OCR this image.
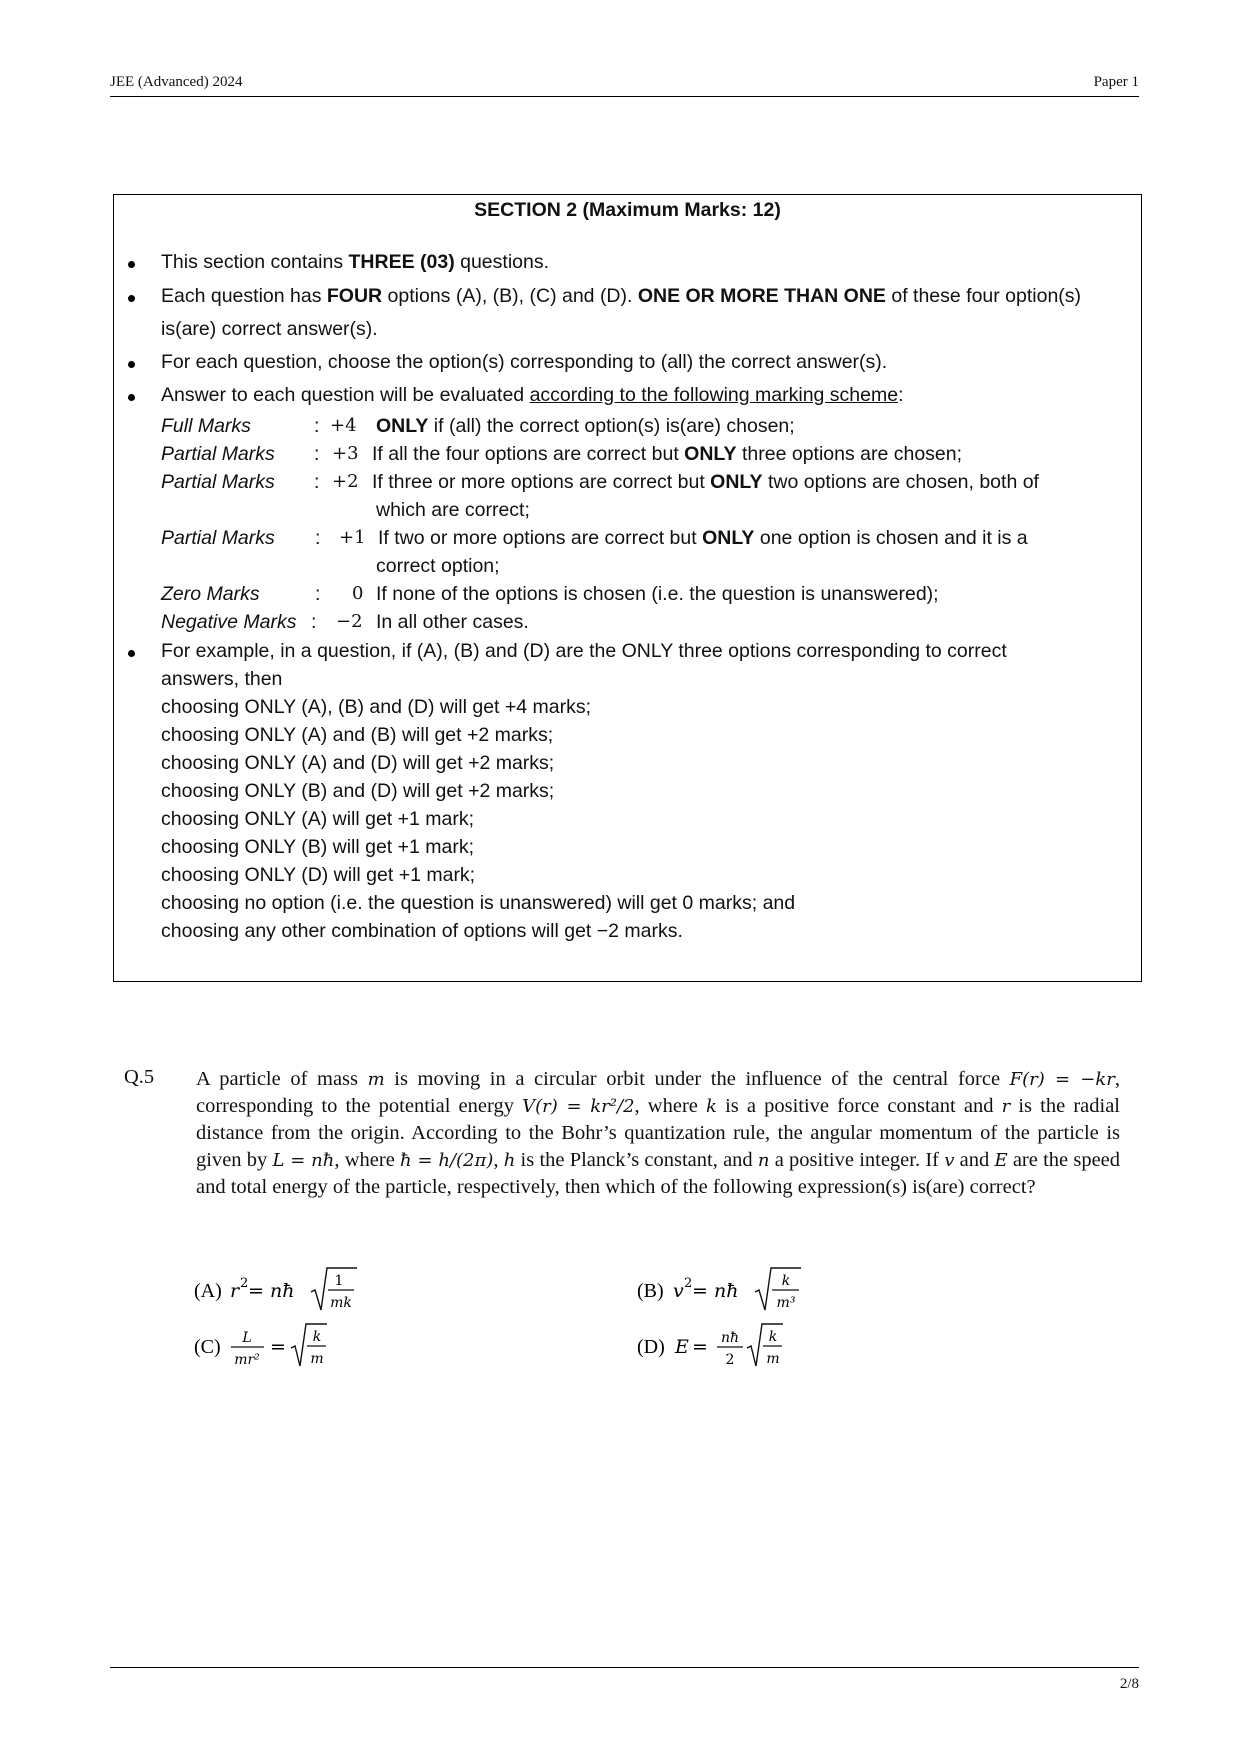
JEE (Advanced) 2024	Paper 1
SECTION 2 (Maximum Marks: 12)
This section contains THREE (03) questions.
Each question has FOUR options (A), (B), (C) and (D). ONE OR MORE THAN ONE of these four option(s)
is(are) correct answer(s).
For each question, choose the option(s) corresponding to (all) the correct answer(s).
Answer to each question will be evaluated according to the following marking scheme:
Full Marks	: +4 ONLY if (all) the correct option(s) is(are) chosen;
Partial Marks : +3 If all the four options are correct but ONLY three options are chosen;
Partial Marks : +2 If three or more options are correct but ONLY two options are chosen, both of
which are correct;
Partial Marks : +1 If two or more options are correct but ONLY one option is chosen and it is a
correct option;
Zero Marks	: 0 If none of the options is chosen (i.e. the question is unanswered);
Negative Marks : −2 In all other cases.
For example, in a question, if (A), (B) and (D) are the ONLY three options corresponding to correct
answers, then
choosing ONLY (A), (B) and (D) will get +4 marks;
choosing ONLY (A) and (B) will get +2 marks;
choosing ONLY (A) and (D) will get +2 marks;
choosing ONLY (B) and (D) will get +2 marks;
choosing ONLY (A) will get +1 mark;
choosing ONLY (B) will get +1 mark;
choosing ONLY (D) will get +1 mark;
choosing no option (i.e. the question is unanswered) will get 0 marks; and
choosing any other combination of options will get −2 marks.
Q.5 A particle of mass m is moving in a circular orbit under the influence of the central force F(r) = −kr, corresponding to the potential energy V(r) = kr²/2, where k is a positive force constant and r is the radial distance from the origin. According to the Bohr’s quantization rule, the angular momentum of the particle is given by L = nħ, where ħ = h/(2π), h is the Planck’s constant, and n a positive integer. If v and E are the speed and total energy of the particle, respectively, then which of the following expression(s) is(are) correct?
(A) r 2 = nħ	1
mk
(B) v 2 = nħ	k
m³
(C) L
mr²
= k
m
(D) E = nħ
2
k
m
2/8
